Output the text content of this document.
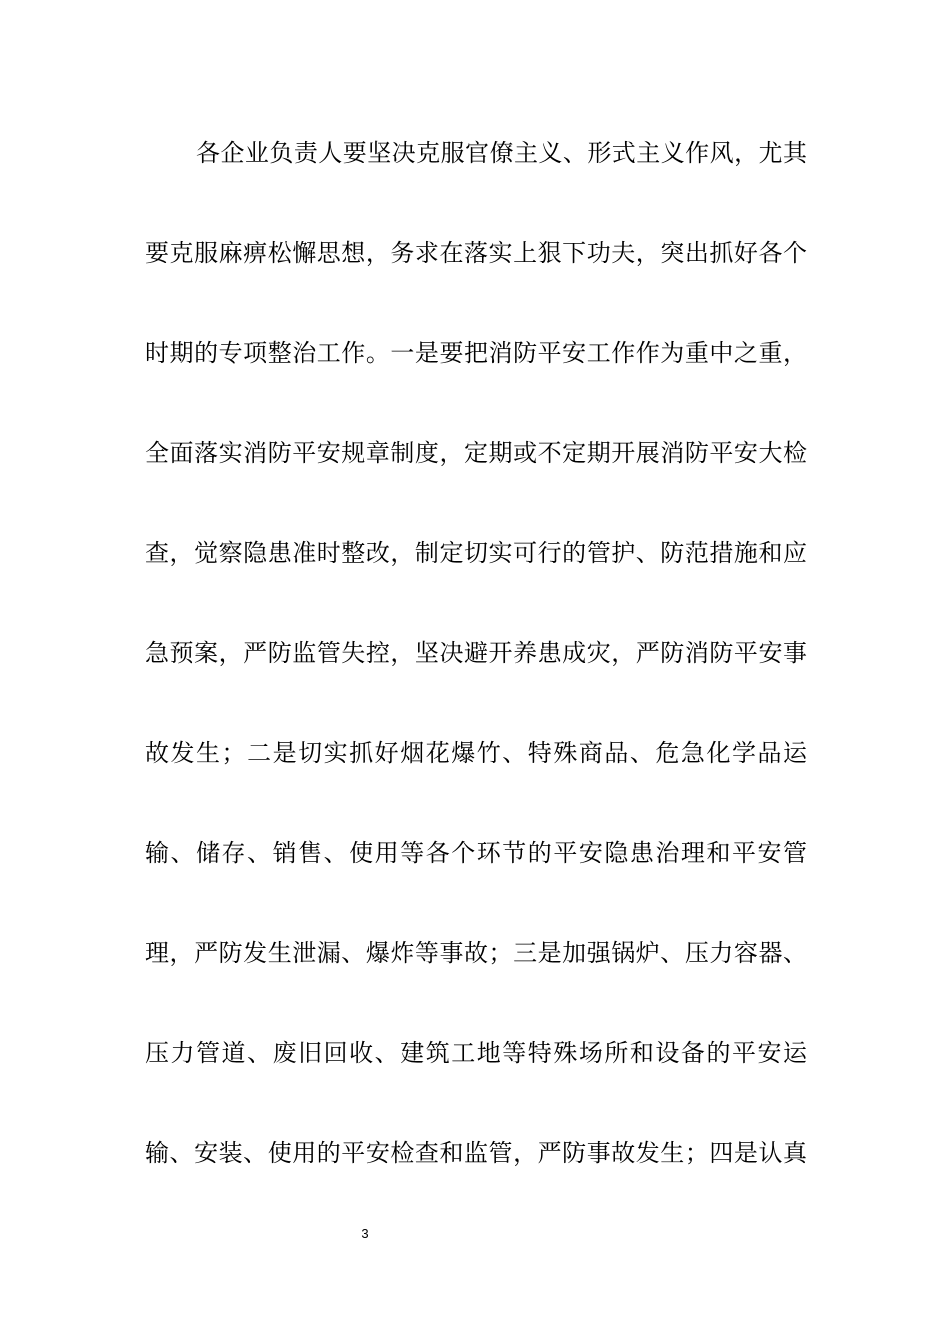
各企业负责人要坚决克服官僚主义、形式主义作风，尤其
要克服麻痹松懈思想，务求在落实上狠下功夫，突出抓好各个
时期的专项整治工作。一是要把消防平安工作作为重中之重，
全面落实消防平安规章制度，定期或不定期开展消防平安大检
查，觉察隐患准时整改，制定切实可行的管护、防范措施和应
急预案，严防监管失控，坚决避开养患成灾，严防消防平安事
故发生；二是切实抓好烟花爆竹、特殊商品、危急化学品运
输、储存、销售、使用等各个环节的平安隐患治理和平安管
理，严防发生泄漏、爆炸等事故；三是加强锅炉、压力容器、
压力管道、废旧回收、建筑工地等特殊场所和设备的平安运
输、安装、使用的平安检查和监管，严防事故发生；四是认真
3
